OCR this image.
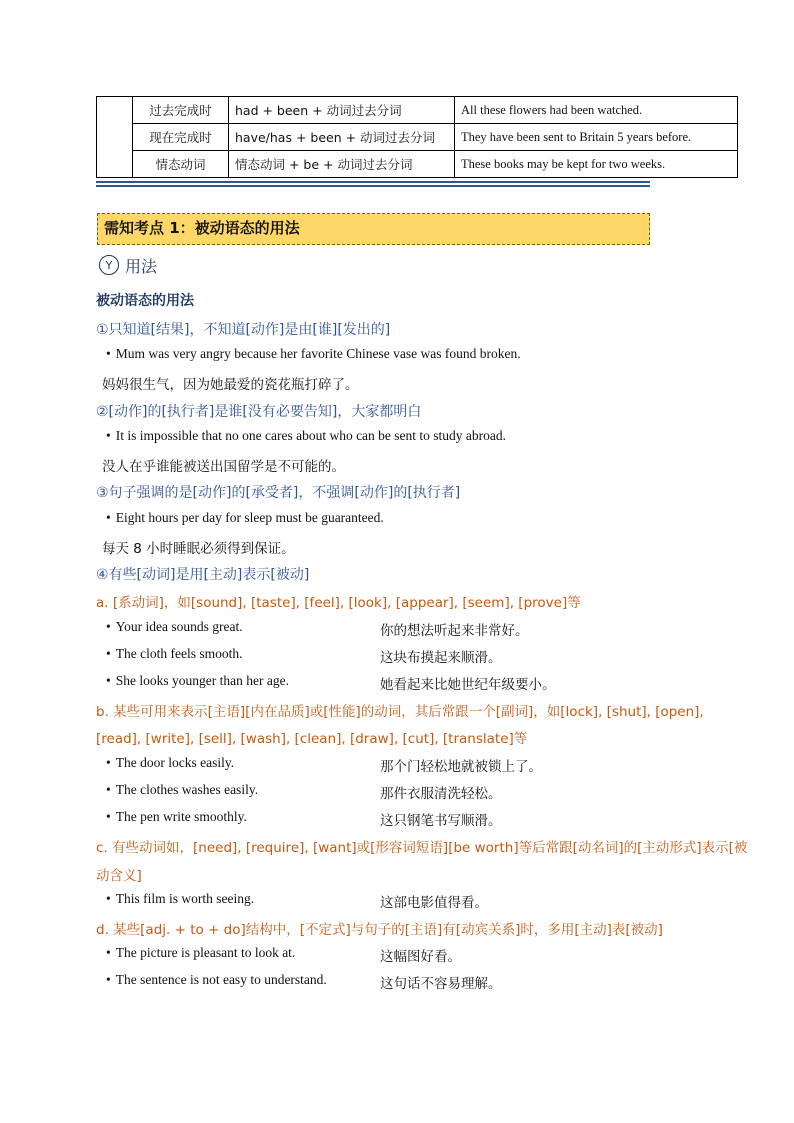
	过去完成时	had + been + 动词过去分词	All these flowers had been watched.
	现在完成时	have/has + been + 动词过去分词	They have been sent to Britain 5 years before.
	情态动词	情态动词 + be + 动词过去分词	These books may be kept for two weeks.
需知考点 1：被动语态的用法
Y 用法
被动语态的用法
①只知道[结果]，不知道[动作]是由[谁][发出的]
• Mum was very angry because her favorite Chinese vase was found broken.
妈妈很生气，因为她最爱的瓷花瓶打碎了。
②[动作]的[执行者]是谁[没有必要告知]，大家都明白
• It is impossible that no one cares about who can be sent to study abroad.
没人在乎谁能被送出国留学是不可能的。
③句子强调的是[动作]的[承受者]，不强调[动作]的[执行者]
• Eight hours per day for sleep must be guaranteed.
每天 8 小时睡眠必须得到保证。
④有些[动词]是用[主动]表示[被动]
a. [系动词]，如[sound], [taste], [feel], [look], [appear], [seem], [prove]等
• Your idea sounds great.	你的想法听起来非常好。
• The cloth feels smooth.	这块布摸起来顺滑。
• She looks younger than her age.	她看起来比她世纪年级要小。
b. 某些可用来表示[主语][内在品质]或[性能]的动词，其后常跟一个[副词]，如[lock], [shut], [open],
[read], [write], [sell], [wash], [clean], [draw], [cut], [translate]等
• The door locks easily.	那个门轻松地就被锁上了。
• The clothes washes easily.	那件衣服清洗轻松。
• The pen write smoothly.	这只钢笔书写顺滑。
c. 有些动词如，[need], [require], [want]或[形容词短语][be worth]等后常跟[动名词]的[主动形式]表示[被
动含义]
• This film is worth seeing.	这部电影值得看。
d. 某些[adj. + to + do]结构中，[不定式]与句子的[主语]有[动宾关系]时，多用[主动]表[被动]
• The picture is pleasant to look at.	这幅图好看。
• The sentence is not easy to understand.	这句话不容易理解。
